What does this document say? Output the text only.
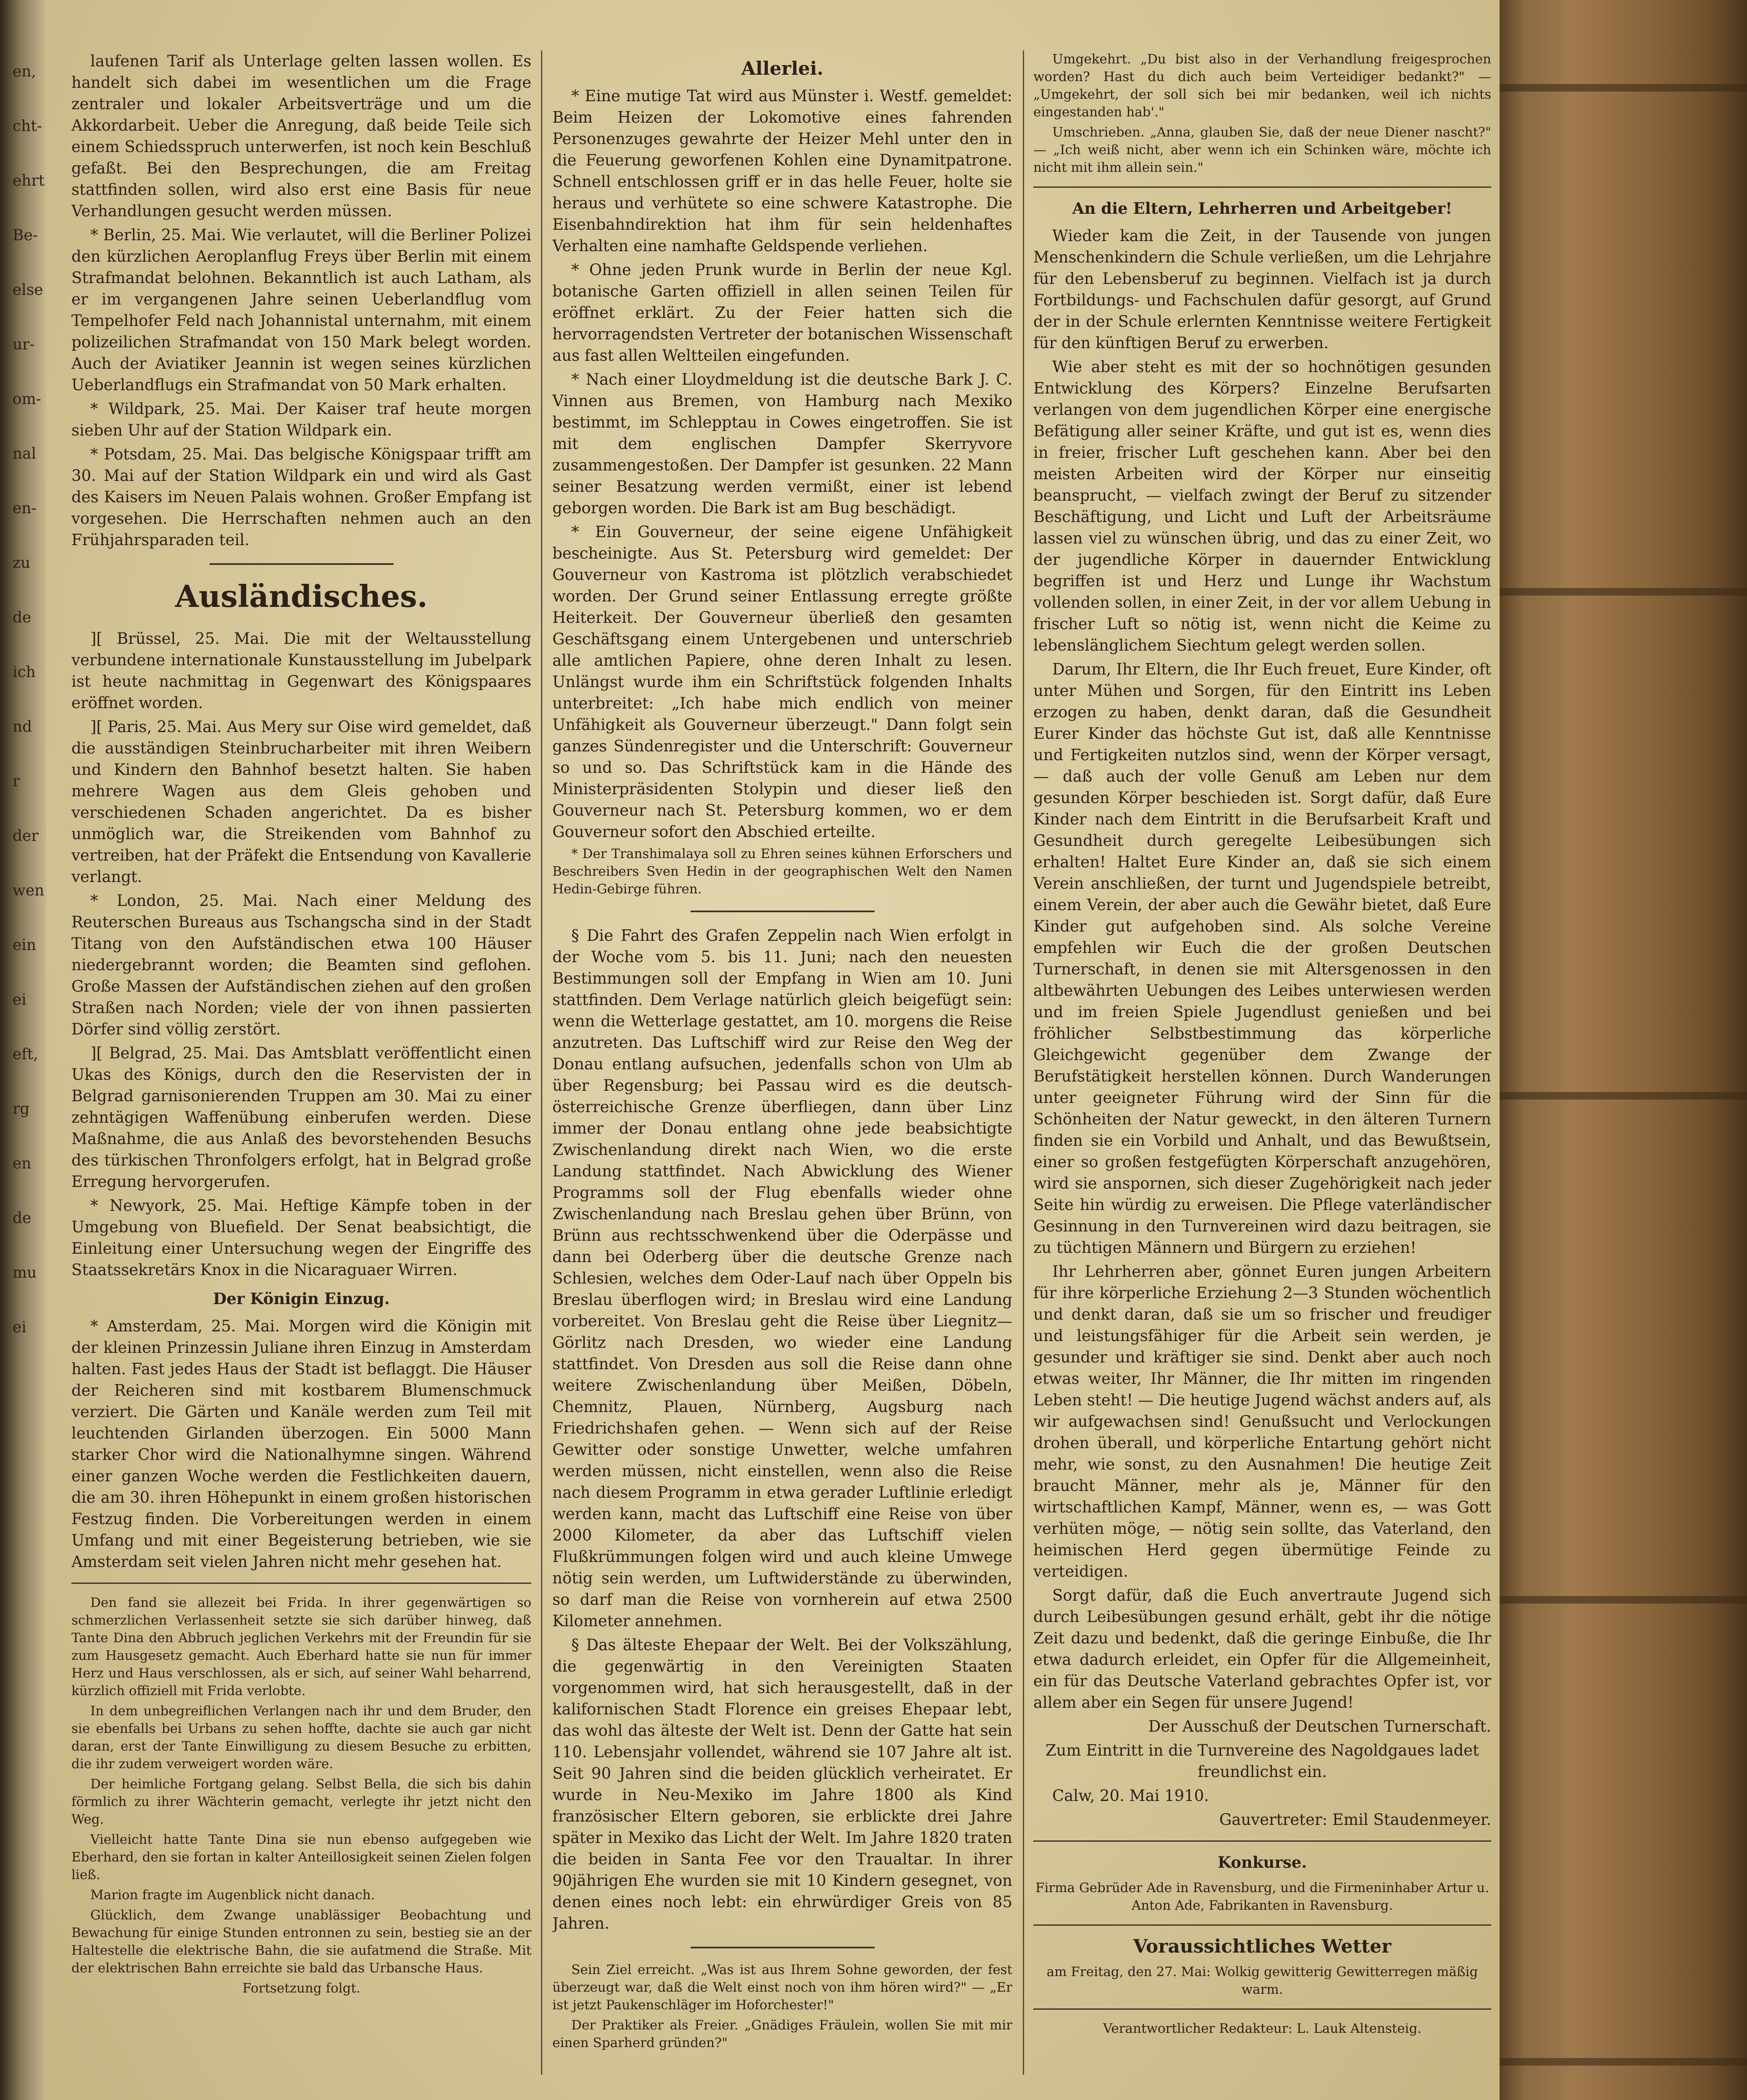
en,
cht-
ehrt
Be-
else
ur-
om-
nal
en-
zu
de
ich
nd
r
der
wen
ein
ei
eft,
rg
en
de
mu
ei

laufenen Tarif als Unterlage gelten lassen wollen. Es handelt sich dabei im wesentlichen um die Frage zentraler und lokaler Arbeitsverträge und um die Akkordarbeit. Ueber die Anregung, daß beide Teile sich einem Schiedsspruch unterwerfen, ist noch kein Beschluß gefaßt. Bei den Besprechungen, die am Freitag stattfinden sollen, wird also erst eine Basis für neue Verhandlungen gesucht werden müssen.

* Berlin, 25. Mai. Wie verlautet, will die Berliner Polizei den kürzlichen Aeroplanflug Freys über Berlin mit einem Strafmandat belohnen. Bekanntlich ist auch Latham, als er im vergangenen Jahre seinen Ueberlandflug vom Tempelhofer Feld nach Johannistal unternahm, mit einem polizeilichen Strafmandat von 150 Mark belegt worden. Auch der Aviatiker Jeannin ist wegen seines kürzlichen Ueberlandflugs ein Strafmandat von 50 Mark erhalten.

* Wildpark, 25. Mai. Der Kaiser traf heute morgen sieben Uhr auf der Station Wildpark ein.

* Potsdam, 25. Mai. Das belgische Königspaar trifft am 30. Mai auf der Station Wildpark ein und wird als Gast des Kaisers im Neuen Palais wohnen. Großer Empfang ist vorgesehen. Die Herrschaften nehmen auch an den Frühjahrsparaden teil.

Ausländisches.

][ Brüssel, 25. Mai. Die mit der Weltausstellung verbundene internationale Kunstausstellung im Jubelpark ist heute nachmittag in Gegenwart des Königspaares eröffnet worden.

][ Paris, 25. Mai. Aus Mery sur Oise wird gemeldet, daß die ausständigen Steinbrucharbeiter mit ihren Weibern und Kindern den Bahnhof besetzt halten. Sie haben mehrere Wagen aus dem Gleis gehoben und verschiedenen Schaden angerichtet. Da es bisher unmöglich war, die Streikenden vom Bahnhof zu vertreiben, hat der Präfekt die Entsendung von Kavallerie verlangt.

* London, 25. Mai. Nach einer Meldung des Reuterschen Bureaus aus Tschangscha sind in der Stadt Titang von den Aufständischen etwa 100 Häuser niedergebrannt worden; die Beamten sind geflohen. Große Massen der Aufständischen ziehen auf den großen Straßen nach Norden; viele der von ihnen passierten Dörfer sind völlig zerstört.

][ Belgrad, 25. Mai. Das Amtsblatt veröffentlicht einen Ukas des Königs, durch den die Reservisten der in Belgrad garnisonierenden Truppen am 30. Mai zu einer zehntägigen Waffenübung einberufen werden. Diese Maßnahme, die aus Anlaß des bevorstehenden Besuchs des türkischen Thronfolgers erfolgt, hat in Belgrad große Erregung hervorgerufen.

* Newyork, 25. Mai. Heftige Kämpfe toben in der Umgebung von Bluefield. Der Senat beabsichtigt, die Einleitung einer Untersuchung wegen der Eingriffe des Staatssekretärs Knox in die Nicaraguaer Wirren.

Der Königin Einzug.

* Amsterdam, 25. Mai. Morgen wird die Königin mit der kleinen Prinzessin Juliane ihren Einzug in Amsterdam halten. Fast jedes Haus der Stadt ist beflaggt. Die Häuser der Reicheren sind mit kostbarem Blumenschmuck verziert. Die Gärten und Kanäle werden zum Teil mit leuchtenden Girlanden überzogen. Ein 5000 Mann starker Chor wird die Nationalhymne singen. Während einer ganzen Woche werden die Festlichkeiten dauern, die am 30. ihren Höhepunkt in einem großen historischen Festzug finden. Die Vorbereitungen werden in einem Umfang und mit einer Begeisterung betrieben, wie sie Amsterdam seit vielen Jahren nicht mehr gesehen hat.

Den fand sie allezeit bei Frida. In ihrer gegenwärtigen so schmerzlichen Verlassenheit setzte sie sich darüber hinweg, daß Tante Dina den Abbruch jeglichen Verkehrs mit der Freundin für sie zum Hausgesetz gemacht. Auch Eberhard hatte sie nun für immer Herz und Haus verschlossen, als er sich, auf seiner Wahl beharrend, kürzlich offiziell mit Frida verlobte.

In dem unbegreiflichen Verlangen nach ihr und dem Bruder, den sie ebenfalls bei Urbans zu sehen hoffte, dachte sie auch gar nicht daran, erst der Tante Einwilligung zu diesem Besuche zu erbitten, die ihr zudem verweigert worden wäre.

Der heimliche Fortgang gelang. Selbst Bella, die sich bis dahin förmlich zu ihrer Wächterin gemacht, verlegte ihr jetzt nicht den Weg.

Vielleicht hatte Tante Dina sie nun ebenso aufgegeben wie Eberhard, den sie fortan in kalter Anteillosigkeit seinen Zielen folgen ließ.

Marion fragte im Augenblick nicht danach.

Glücklich, dem Zwange unablässiger Beobachtung und Bewachung für einige Stunden entronnen zu sein, bestieg sie an der Haltestelle die elektrische Bahn, die sie aufatmend die Straße. Mit der elektrischen Bahn erreichte sie bald das Urbansche Haus.

Fortsetzung folgt.

Allerlei.

* Eine mutige Tat wird aus Münster i. Westf. gemeldet: Beim Heizen der Lokomotive eines fahrenden Personenzuges gewahrte der Heizer Mehl unter den in die Feuerung geworfenen Kohlen eine Dynamitpatrone. Schnell entschlossen griff er in das helle Feuer, holte sie heraus und verhütete so eine schwere Katastrophe. Die Eisenbahndirektion hat ihm für sein heldenhaftes Verhalten eine namhafte Geldspende verliehen.

* Ohne jeden Prunk wurde in Berlin der neue Kgl. botanische Garten offiziell in allen seinen Teilen für eröffnet erklärt. Zu der Feier hatten sich die hervorragendsten Vertreter der botanischen Wissenschaft aus fast allen Weltteilen eingefunden.

* Nach einer Lloydmeldung ist die deutsche Bark J. C. Vinnen aus Bremen, von Hamburg nach Mexiko bestimmt, im Schlepptau in Cowes eingetroffen. Sie ist mit dem englischen Dampfer Skerryvore zusammengestoßen. Der Dampfer ist gesunken. 22 Mann seiner Besatzung werden vermißt, einer ist lebend geborgen worden. Die Bark ist am Bug beschädigt.

* Ein Gouverneur, der seine eigene Unfähigkeit bescheinigte. Aus St. Petersburg wird gemeldet: Der Gouverneur von Kastroma ist plötzlich verabschiedet worden. Der Grund seiner Entlassung erregte größte Heiterkeit. Der Gouverneur überließ den gesamten Geschäftsgang einem Untergebenen und unterschrieb alle amtlichen Papiere, ohne deren Inhalt zu lesen. Unlängst wurde ihm ein Schriftstück folgenden Inhalts unterbreitet: „Ich habe mich endlich von meiner Unfähigkeit als Gouverneur überzeugt." Dann folgt sein ganzes Sündenregister und die Unterschrift: Gouverneur so und so. Das Schriftstück kam in die Hände des Ministerpräsidenten Stolypin und dieser ließ den Gouverneur nach St. Petersburg kommen, wo er dem Gouverneur sofort den Abschied erteilte.

* Der Transhimalaya soll zu Ehren seines kühnen Erforschers und Beschreibers Sven Hedin in der geographischen Welt den Namen Hedin-Gebirge führen.

§ Die Fahrt des Grafen Zeppelin nach Wien erfolgt in der Woche vom 5. bis 11. Juni; nach den neuesten Bestimmungen soll der Empfang in Wien am 10. Juni stattfinden. Dem Verlage natürlich gleich beigefügt sein: wenn die Wetterlage gestattet, am 10. morgens die Reise anzutreten. Das Luftschiff wird zur Reise den Weg der Donau entlang aufsuchen, jedenfalls schon von Ulm ab über Regensburg; bei Passau wird es die deutsch-österreichische Grenze überfliegen, dann über Linz immer der Donau entlang ohne jede beabsichtigte Zwischenlandung direkt nach Wien, wo die erste Landung stattfindet. Nach Abwicklung des Wiener Programms soll der Flug ebenfalls wieder ohne Zwischenlandung nach Breslau gehen über Brünn, von Brünn aus rechtsschwenkend über die Oderpässe und dann bei Oderberg über die deutsche Grenze nach Schlesien, welches dem Oder-Lauf nach über Oppeln bis Breslau überflogen wird; in Breslau wird eine Landung vorbereitet. Von Breslau geht die Reise über Liegnitz—Görlitz nach Dresden, wo wieder eine Landung stattfindet. Von Dresden aus soll die Reise dann ohne weitere Zwischenlandung über Meißen, Döbeln, Chemnitz, Plauen, Nürnberg, Augsburg nach Friedrichshafen gehen. — Wenn sich auf der Reise Gewitter oder sonstige Unwetter, welche umfahren werden müssen, nicht einstellen, wenn also die Reise nach diesem Programm in etwa gerader Luftlinie erledigt werden kann, macht das Luftschiff eine Reise von über 2000 Kilometer, da aber das Luftschiff vielen Flußkrümmungen folgen wird und auch kleine Umwege nötig sein werden, um Luftwiderstände zu überwinden, so darf man die Reise von vornherein auf etwa 2500 Kilometer annehmen.

§ Das älteste Ehepaar der Welt. Bei der Volkszählung, die gegenwärtig in den Vereinigten Staaten vorgenommen wird, hat sich herausgestellt, daß in der kalifornischen Stadt Florence ein greises Ehepaar lebt, das wohl das älteste der Welt ist. Denn der Gatte hat sein 110. Lebensjahr vollendet, während sie 107 Jahre alt ist. Seit 90 Jahren sind die beiden glücklich verheiratet. Er wurde in Neu-Mexiko im Jahre 1800 als Kind französischer Eltern geboren, sie erblickte drei Jahre später in Mexiko das Licht der Welt. Im Jahre 1820 traten die beiden in Santa Fee vor den Traualtar. In ihrer 90jährigen Ehe wurden sie mit 10 Kindern gesegnet, von denen eines noch lebt: ein ehrwürdiger Greis von 85 Jahren.

Sein Ziel erreicht. „Was ist aus Ihrem Sohne geworden, der fest überzeugt war, daß die Welt einst noch von ihm hören wird?" — „Er ist jetzt Paukenschläger im Hoforchester!"

Der Praktiker als Freier. „Gnädiges Fräulein, wollen Sie mit mir einen Sparherd gründen?"

Umgekehrt. „Du bist also in der Verhandlung freigesprochen worden? Hast du dich auch beim Verteidiger bedankt?" — „Umgekehrt, der soll sich bei mir bedanken, weil ich nichts eingestanden hab'."

Umschrieben. „Anna, glauben Sie, daß der neue Diener nascht?" — „Ich weiß nicht, aber wenn ich ein Schinken wäre, möchte ich nicht mit ihm allein sein."

An die Eltern, Lehrherren und Arbeitgeber!

Wieder kam die Zeit, in der Tausende von jungen Menschenkindern die Schule verließen, um die Lehrjahre für den Lebensberuf zu beginnen. Vielfach ist ja durch Fortbildungs- und Fachschulen dafür gesorgt, auf Grund der in der Schule erlernten Kenntnisse weitere Fertigkeit für den künftigen Beruf zu erwerben.

Wie aber steht es mit der so hochnötigen gesunden Entwicklung des Körpers? Einzelne Berufsarten verlangen von dem jugendlichen Körper eine energische Befätigung aller seiner Kräfte, und gut ist es, wenn dies in freier, frischer Luft geschehen kann. Aber bei den meisten Arbeiten wird der Körper nur einseitig beansprucht, — vielfach zwingt der Beruf zu sitzender Beschäftigung, und Licht und Luft der Arbeitsräume lassen viel zu wünschen übrig, und das zu einer Zeit, wo der jugendliche Körper in dauernder Entwicklung begriffen ist und Herz und Lunge ihr Wachstum vollenden sollen, in einer Zeit, in der vor allem Uebung in frischer Luft so nötig ist, wenn nicht die Keime zu lebenslänglichem Siechtum gelegt werden sollen.

Darum, Ihr Eltern, die Ihr Euch freuet, Eure Kinder, oft unter Mühen und Sorgen, für den Eintritt ins Leben erzogen zu haben, denkt daran, daß die Gesundheit Eurer Kinder das höchste Gut ist, daß alle Kenntnisse und Fertigkeiten nutzlos sind, wenn der Körper versagt, — daß auch der volle Genuß am Leben nur dem gesunden Körper beschieden ist. Sorgt dafür, daß Eure Kinder nach dem Eintritt in die Berufsarbeit Kraft und Gesundheit durch geregelte Leibesübungen sich erhalten! Haltet Eure Kinder an, daß sie sich einem Verein anschließen, der turnt und Jugendspiele betreibt, einem Verein, der aber auch die Gewähr bietet, daß Eure Kinder gut aufgehoben sind. Als solche Vereine empfehlen wir Euch die der großen Deutschen Turnerschaft, in denen sie mit Altersgenossen in den altbewährten Uebungen des Leibes unterwiesen werden und im freien Spiele Jugendlust genießen und bei fröhlicher Selbstbestimmung das körperliche Gleichgewicht gegenüber dem Zwange der Berufstätigkeit herstellen können. Durch Wanderungen unter geeigneter Führung wird der Sinn für die Schönheiten der Natur geweckt, in den älteren Turnern finden sie ein Vorbild und Anhalt, und das Bewußtsein, einer so großen festgefügten Körperschaft anzugehören, wird sie anspornen, sich dieser Zugehörigkeit nach jeder Seite hin würdig zu erweisen. Die Pflege vaterländischer Gesinnung in den Turnvereinen wird dazu beitragen, sie zu tüchtigen Männern und Bürgern zu erziehen!

Ihr Lehrherren aber, gönnet Euren jungen Arbeitern für ihre körperliche Erziehung 2—3 Stunden wöchentlich und denkt daran, daß sie um so frischer und freudiger und leistungsfähiger für die Arbeit sein werden, je gesunder und kräftiger sie sind. Denkt aber auch noch etwas weiter, Ihr Männer, die Ihr mitten im ringenden Leben steht! — Die heutige Jugend wächst anders auf, als wir aufgewachsen sind! Genußsucht und Verlockungen drohen überall, und körperliche Entartung gehört nicht mehr, wie sonst, zu den Ausnahmen! Die heutige Zeit braucht Männer, mehr als je, Männer für den wirtschaftlichen Kampf, Männer, wenn es, — was Gott verhüten möge, — nötig sein sollte, das Vaterland, den heimischen Herd gegen übermütige Feinde zu verteidigen.

Sorgt dafür, daß die Euch anvertraute Jugend sich durch Leibesübungen gesund erhält, gebt ihr die nötige Zeit dazu und bedenkt, daß die geringe Einbuße, die Ihr etwa dadurch erleidet, ein Opfer für die Allgemeinheit, ein für das Deutsche Vaterland gebrachtes Opfer ist, vor allem aber ein Segen für unsere Jugend!

Der Ausschuß der Deutschen Turnerschaft.

Zum Eintritt in die Turnvereine des Nagoldgaues ladet freundlichst ein.

Calw, 20. Mai 1910.

Gauvertreter: Emil Staudenmeyer.

Konkurse.

Firma Gebrüder Ade in Ravensburg, und die Firmeninhaber Artur u. Anton Ade, Fabrikanten in Ravensburg.

Voraussichtliches Wetter

am Freitag, den 27. Mai: Wolkig gewitterig Gewitterregen mäßig warm.

Verantwortlicher Redakteur: L. Lauk Altensteig.
